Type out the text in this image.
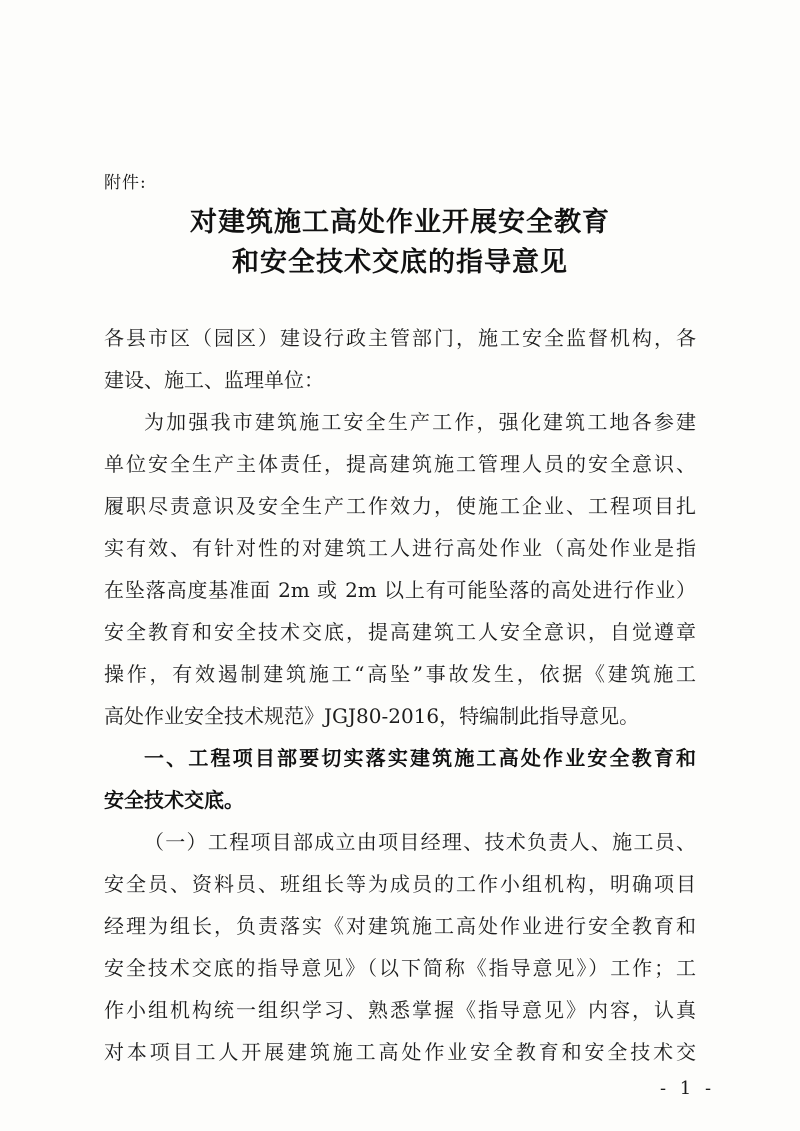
附件:
对建筑施工高处作业开展安全教育
和安全技术交底的指导意见
各县市区（园区）建设行政主管部门，施工安全监督机构，各
建设、施工、监理单位：
为加强我市建筑施工安全生产工作，强化建筑工地各参建
单位安全生产主体责任，提高建筑施工管理人员的安全意识、
履职尽责意识及安全生产工作效力，使施工企业、工程项目扎
实有效、有针对性的对建筑工人进行高处作业（高处作业是指
在坠落高度基准面 2m 或 2m 以上有可能坠落的高处进行作业）
安全教育和安全技术交底，提高建筑工人安全意识，自觉遵章
操作，有效遏制建筑施工“高坠”事故发生，依据《建筑施工
高处作业安全技术规范》JGJ80-2016，特编制此指导意见。
一、工程项目部要切实落实建筑施工高处作业安全教育和
安全技术交底。
（一）工程项目部成立由项目经理、技术负责人、施工员、
安全员、资料员、班组长等为成员的工作小组机构，明确项目
经理为组长，负责落实《对建筑施工高处作业进行安全教育和
安全技术交底的指导意见》（以下简称《指导意见》）工作；工
作小组机构统一组织学习、熟悉掌握《指导意见》内容，认真
对本项目工人开展建筑施工高处作业安全教育和安全技术交
- 1 -
